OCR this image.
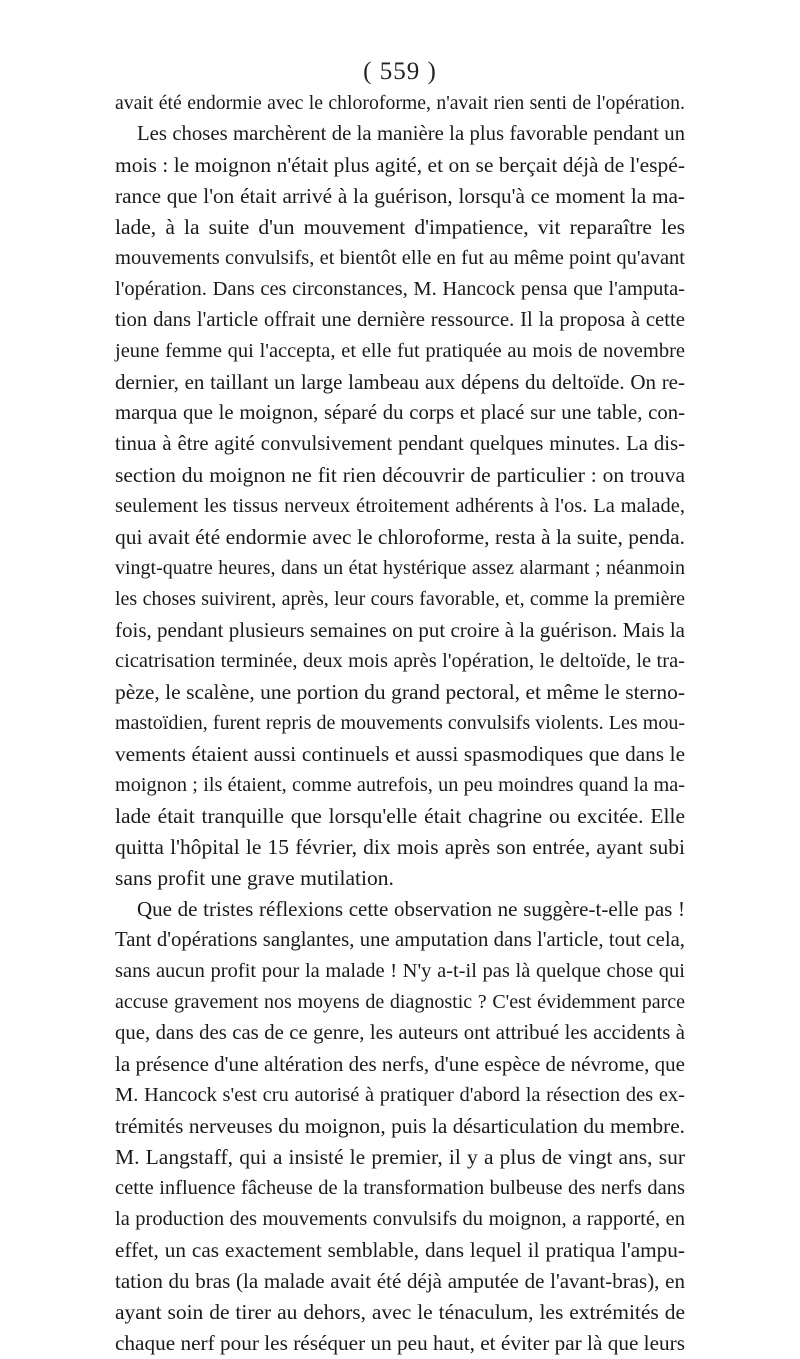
( 559 )
avait été endormie avec le chloroforme, n'avait rien senti de l'opération.
Les choses marchèrent de la manière la plus favorable pendant un
mois : le moignon n'était plus agité, et on se berçait déjà de l'espé-
rance que l'on était arrivé à la guérison, lorsqu'à ce moment la ma-
lade, à la suite d'un mouvement d'impatience, vit reparaître les
mouvements convulsifs, et bientôt elle en fut au même point qu'avant
l'opération. Dans ces circonstances, M. Hancock pensa que l'amputa-
tion dans l'article offrait une dernière ressource. Il la proposa à cette
jeune femme qui l'accepta, et elle fut pratiquée au mois de novembre
dernier, en taillant un large lambeau aux dépens du deltoïde. On re-
marqua que le moignon, séparé du corps et placé sur une table, con-
tinua à être agité convulsivement pendant quelques minutes. La dis-
section du moignon ne fit rien découvrir de particulier : on trouva
seulement les tissus nerveux étroitement adhérents à l'os. La malade,
qui avait été endormie avec le chloroforme, resta à la suite, penda.
vingt-quatre heures, dans un état hystérique assez alarmant ; néanmoin
les choses suivirent, après, leur cours favorable, et, comme la première
fois, pendant plusieurs semaines on put croire à la guérison. Mais la
cicatrisation terminée, deux mois après l'opération, le deltoïde, le tra-
pèze, le scalène, une portion du grand pectoral, et même le sterno-
mastoïdien, furent repris de mouvements convulsifs violents. Les mou-
vements étaient aussi continuels et aussi spasmodiques que dans le
moignon ; ils étaient, comme autrefois, un peu moindres quand la ma-
lade était tranquille que lorsqu'elle était chagrine ou excitée. Elle
quitta l'hôpital le 15 février, dix mois après son entrée, ayant subi
sans profit une grave mutilation.
Que de tristes réflexions cette observation ne suggère-t-elle pas !
Tant d'opérations sanglantes, une amputation dans l'article, tout cela,
sans aucun profit pour la malade ! N'y a-t-il pas là quelque chose qui
accuse gravement nos moyens de diagnostic ? C'est évidemment parce
que, dans des cas de ce genre, les auteurs ont attribué les accidents à
la présence d'une altération des nerfs, d'une espèce de névrome, que
M. Hancock s'est cru autorisé à pratiquer d'abord la résection des ex-
trémités nerveuses du moignon, puis la désarticulation du membre.
M. Langstaff, qui a insisté le premier, il y a plus de vingt ans, sur
cette influence fâcheuse de la transformation bulbeuse des nerfs dans
la production des mouvements convulsifs du moignon, a rapporté, en
effet, un cas exactement semblable, dans lequel il pratiqua l'ampu-
tation du bras (la malade avait été déjà amputée de l'avant-bras), en
ayant soin de tirer au dehors, avec le ténaculum, les extrémités de
chaque nerf pour les réséquer un peu haut, et éviter par là que leurs
